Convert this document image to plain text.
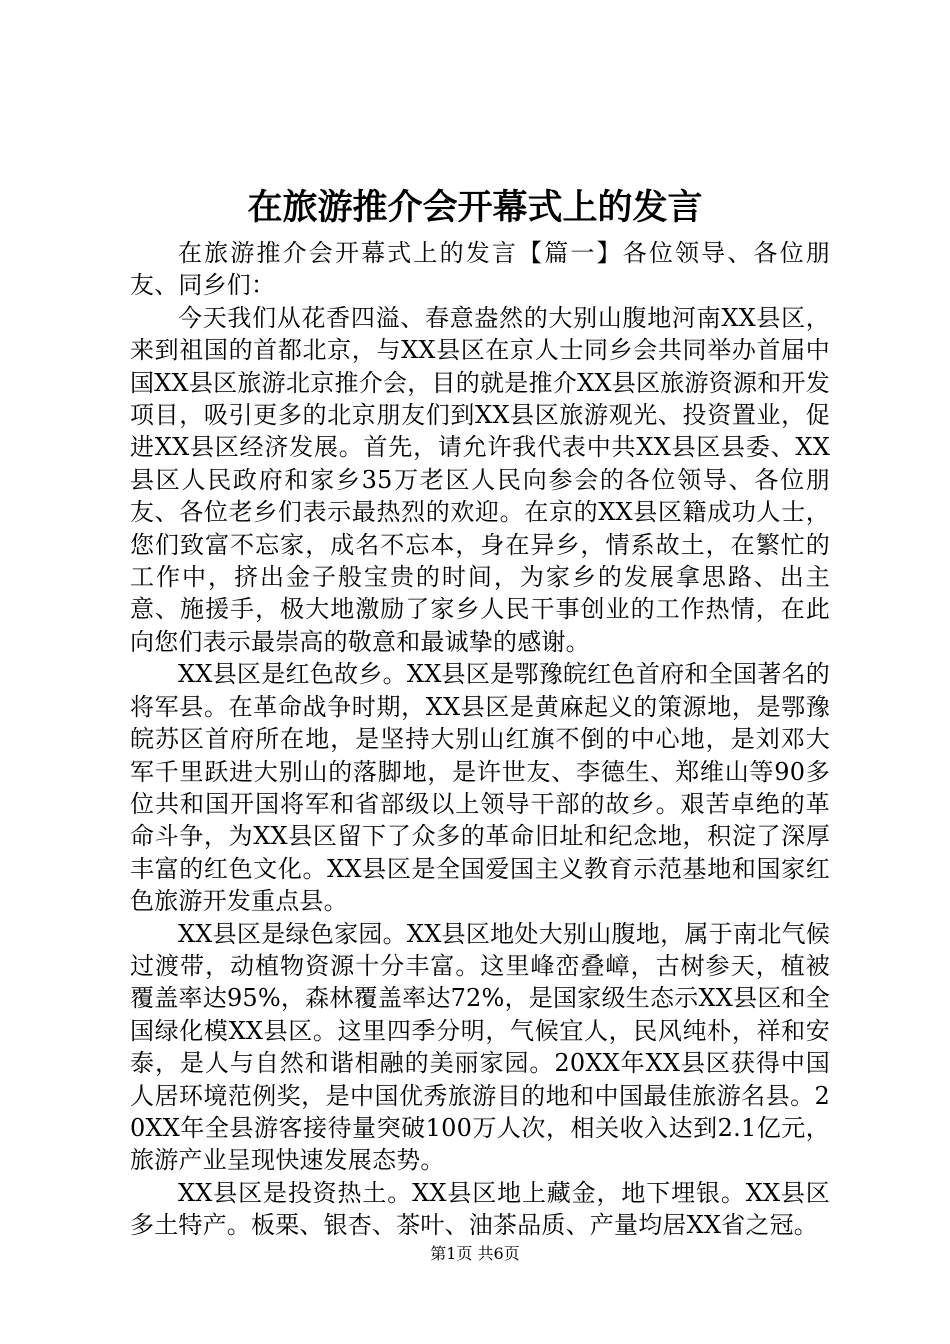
在旅游推介会开幕式上的发言

在旅游推介会开幕式上的发言【篇一】各位领导、各位朋友、同乡们：

今天我们从花香四溢、春意盎然的大别山腹地河南XX县区，来到祖国的首都北京，与XX县区在京人士同乡会共同举办首届中国XX县区旅游北京推介会，目的就是推介XX县区旅游资源和开发项目，吸引更多的北京朋友们到XX县区旅游观光、投资置业，促进XX县区经济发展。首先，请允许我代表中共XX县区县委、XX县区人民政府和家乡35万老区人民向参会的各位领导、各位朋友、各位老乡们表示最热烈的欢迎。在京的XX县区籍成功人士，您们致富不忘家，成名不忘本，身在异乡，情系故土，在繁忙的工作中，挤出金子般宝贵的时间，为家乡的发展拿思路、出主意、施援手，极大地激励了家乡人民干事创业的工作热情，在此向您们表示最崇高的敬意和最诚挚的感谢。

XX县区是红色故乡。XX县区是鄂豫皖红色首府和全国著名的将军县。在革命战争时期，XX县区是黄麻起义的策源地，是鄂豫皖苏区首府所在地，是坚持大别山红旗不倒的中心地，是刘邓大军千里跃进大别山的落脚地，是许世友、李德生、郑维山等90多位共和国开国将军和省部级以上领导干部的故乡。艰苦卓绝的革命斗争，为XX县区留下了众多的革命旧址和纪念地，积淀了深厚丰富的红色文化。XX县区是全国爱国主义教育示范基地和国家红色旅游开发重点县。

XX县区是绿色家园。XX县区地处大别山腹地，属于南北气候过渡带，动植物资源十分丰富。这里峰峦叠嶂，古树参天，植被覆盖率达95%，森林覆盖率达72%，是国家级生态示XX县区和全国绿化模XX县区。这里四季分明，气候宜人，民风纯朴，祥和安泰，是人与自然和谐相融的美丽家园。20XX年XX县区获得中国人居环境范例奖，是中国优秀旅游目的地和中国最佳旅游名县。20XX年全县游客接待量突破100万人次，相关收入达到2.1亿元，旅游产业呈现快速发展态势。

XX县区是投资热土。XX县区地上藏金，地下埋银。XX县区多土特产。板栗、银杏、茶叶、油茶品质、产量均居XX省之冠。

第1页 共6页
